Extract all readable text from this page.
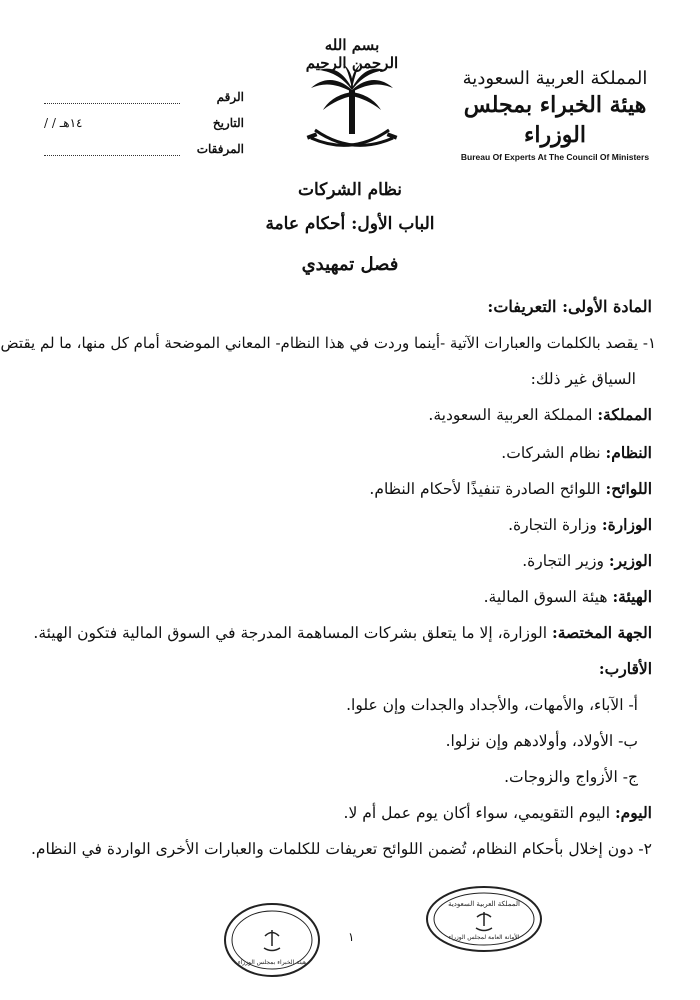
المملكة العربية السعودية
هيئة الخبراء بمجلس الوزراء
Bureau Of Experts At The Council Of Ministers
بسم الله الرحمن الرحيم
الرقم
التاريخ
/ / ١٤هـ
المرفقات
نظام الشركات
الباب الأول: أحكام عامة
فصل تمهيدي
المادة الأولى: التعريفات:
١- يقصد بالكلمات والعبارات الآتية -أينما وردت في هذا النظام- المعاني الموضحة أمام كل منها، ما لم يقتض
السياق غير ذلك:
المملكة: المملكة العربية السعودية.
النظام: نظام الشركات.
اللوائح: اللوائح الصادرة تنفيذًا لأحكام النظام.
الوزارة: وزارة التجارة.
الوزير: وزير التجارة.
الهيئة: هيئة السوق المالية.
الجهة المختصة: الوزارة، إلا ما يتعلق بشركات المساهمة المدرجة في السوق المالية فتكون الهيئة.
الأقارب:
أ- الآباء، والأمهات، والأجداد والجدات وإن علوا.
ب- الأولاد، وأولادهم وإن نزلوا.
ج- الأزواج والزوجات.
اليوم: اليوم التقويمي، سواء أكان يوم عمل أم لا.
٢- دون إخلال بأحكام النظام، تُضمن اللوائح تعريفات للكلمات والعبارات الأخرى الواردة في النظام.
١
المملكة العربية السعودية
الأمانة العامة لمجلس الوزراء
هيئة الخبراء بمجلس الوزراء
